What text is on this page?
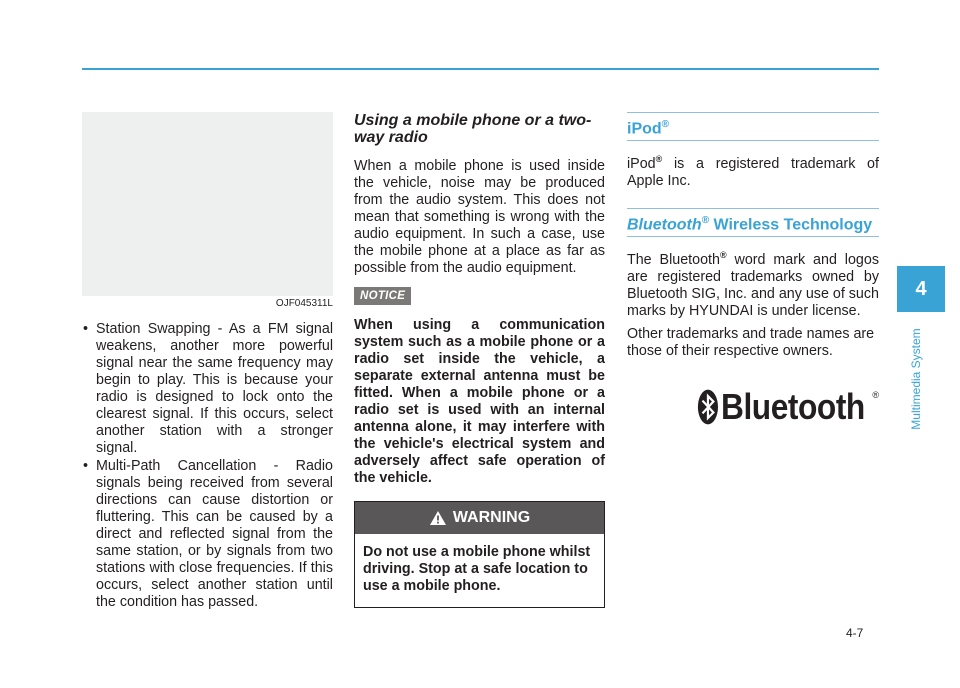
OJF045311L
• Station Swapping - As a FM signal weakens, another more powerful signal near the same frequency may begin to play. This is because your radio is designed to lock onto the clearest signal. If this occurs, select another station with a stronger signal.
• Multi-Path Cancellation - Radio signals being received from several directions can cause distortion or fluttering. This can be caused by a direct and reflected signal from the same station, or by signals from two stations with close frequencies. If this occurs, select another station until the condition has passed.
Using a mobile phone or a two-way radio

When a mobile phone is used inside the vehicle, noise may be produced from the audio system. This does not mean that something is wrong with the audio equipment. In such a case, use the mobile phone at a place as far as possible from the audio equipment.

NOTICE

When using a communication system such as a mobile phone or a radio set inside the vehicle, a separate external antenna must be fitted. When a mobile phone or a radio set is used with an internal antenna alone, it may interfere with the vehicle's electrical system and adversely affect safe operation of the vehicle.

WARNING
Do not use a mobile phone whilst driving. Stop at a safe location to use a mobile phone.
iPod®

iPod® is a registered trademark of Apple Inc.

Bluetooth® Wireless Technology

The Bluetooth® word mark and logos are registered trademarks owned by Bluetooth SIG, Inc. and any use of such marks by HYUNDAI is under license.

Other trademarks and trade names are those of their respective owners.

Bluetooth ®
4
Multimedia System
4-7
